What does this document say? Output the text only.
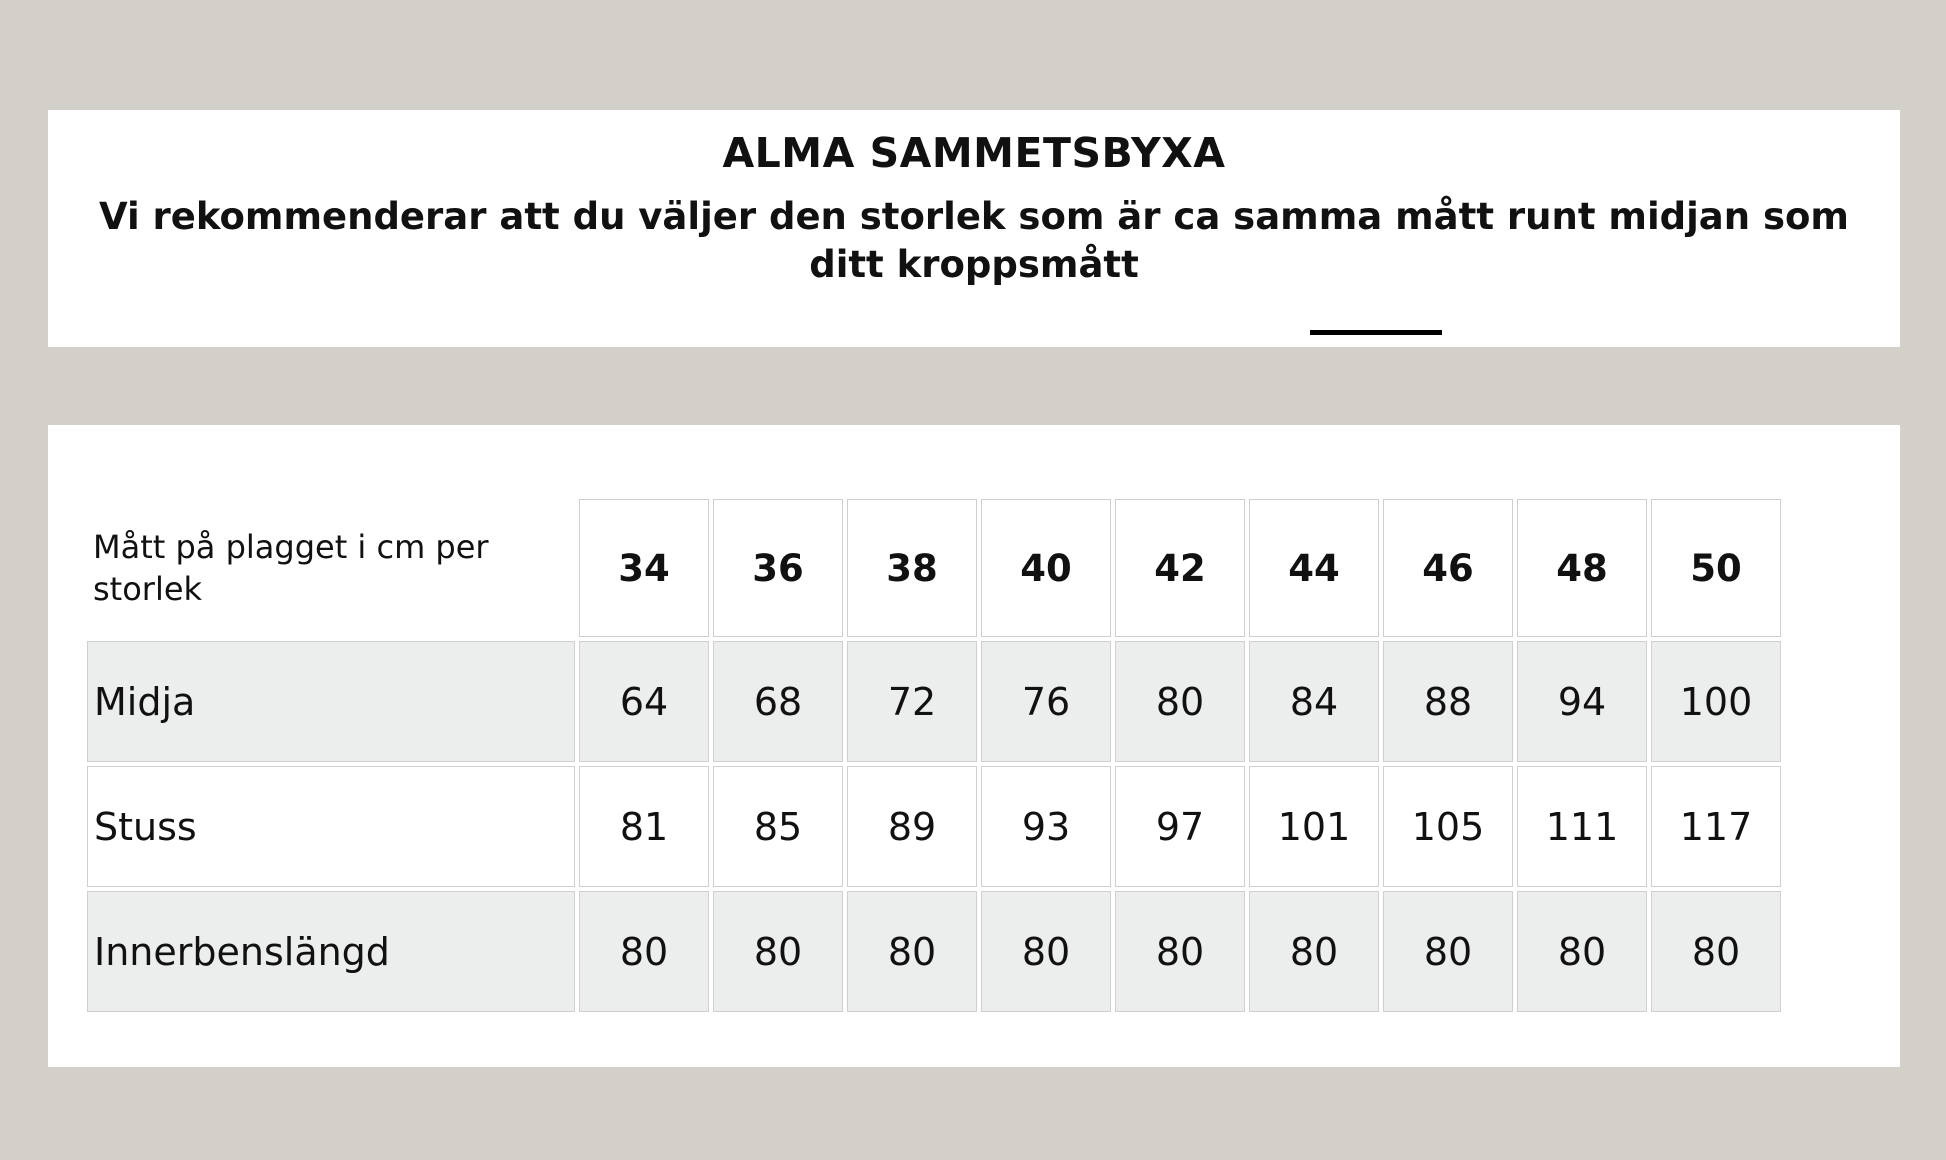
ALMA SAMMETSBYXA
Vi rekommenderar att du väljer den storlek som är ca samma mått runt midjan som ditt kroppsmått
Mått på plagget i cm per storlek	34	36	38	40	42	44	46	48	50
Midja	64	68	72	76	80	84	88	94	100
Stuss	81	85	89	93	97	101	105	111	117
Innerbenslängd	80	80	80	80	80	80	80	80	80
